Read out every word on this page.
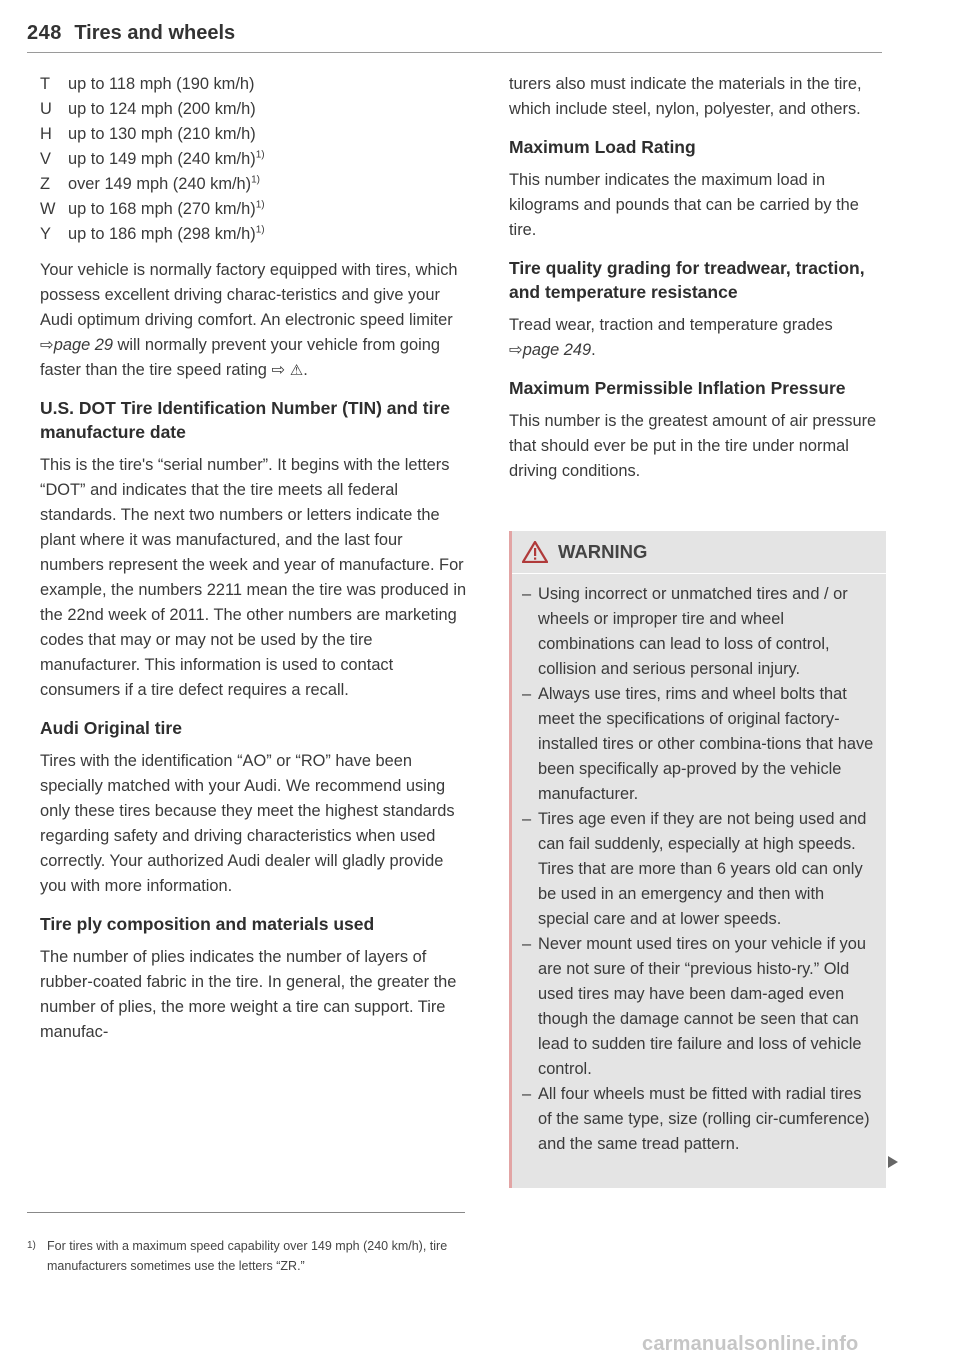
248 Tires and wheels
T	up to 118 mph (190 km/h)
U up to 124 mph (200 km/h)
H up to 130 mph (210 km/h)
V	up to 149 mph (240 km/h)$^{1)}$
Z	over 149 mph (240 km/h)$^{1)}$
W up to 168 mph (270 km/h)$^{1)}$
Y	up to 186 mph (298 km/h)$^{1)}$

Your vehicle is normally factory equipped with tires, which possess excellent driving charac-teristics and give your Audi optimum driving comfort. An electronic speed limiter ⇨page 29 will normally prevent your vehicle from going faster than the tire speed rating ⇨ ⚠.

U.S. DOT Tire Identification Number (TIN) and tire manufacture date

This is the tire's “serial number”. It begins with the letters “DOT” and indicates that the tire meets all federal standards. The next two numbers or letters indicate the plant where it was manufactured, and the last four numbers represent the week and year of manufacture. For example, the numbers 2211 mean the tire was produced in the 22nd week of 2011. The other numbers are marketing codes that may or may not be used by the tire manufacturer. This information is used to contact consumers if a tire defect requires a recall.

Audi Original tire

Tires with the identification “AO” or “RO” have been specially matched with your Audi. We recommend using only these tires because they meet the highest standards regarding safety and driving characteristics when used correctly. Your authorized Audi dealer will gladly provide you with more information.

Tire ply composition and materials used

The number of plies indicates the number of layers of rubber-coated fabric in the tire. In general, the greater the number of plies, the more weight a tire can support. Tire manufac-

1) For tires with a maximum speed capability over 149 mph (240 km/h), tire manufacturers sometimes use the letters “ZR.”

turers also must indicate the materials in the tire, which include steel, nylon, polyester, and others.

Maximum Load Rating

This number indicates the maximum load in kilograms and pounds that can be carried by the tire.

Tire quality grading for treadwear, traction, and temperature resistance

Tread wear, traction and temperature grades ⇨page 249.

Maximum Permissible Inflation Pressure

This number is the greatest amount of air pressure that should ever be put in the tire under normal driving conditions.

WARNING
– Using incorrect or unmatched tires and / or wheels or improper tire and wheel combinations can lead to loss of control, collision and serious personal injury.
– Always use tires, rims and wheel bolts that meet the specifications of original factory-installed tires or other combina-tions that have been specifically ap-proved by the vehicle manufacturer.
– Tires age even if they are not being used and can fail suddenly, especially at high speeds. Tires that are more than 6 years old can only be used in an emergency and then with special care and at lower speeds.
– Never mount used tires on your vehicle if you are not sure of their “previous histo-ry.” Old used tires may have been dam-aged even though the damage cannot be seen that can lead to sudden tire failure and loss of vehicle control.
– All four wheels must be fitted with radial tires of the same type, size (rolling cir-cumference) and the same tread pattern.
carmanualsonline.info
